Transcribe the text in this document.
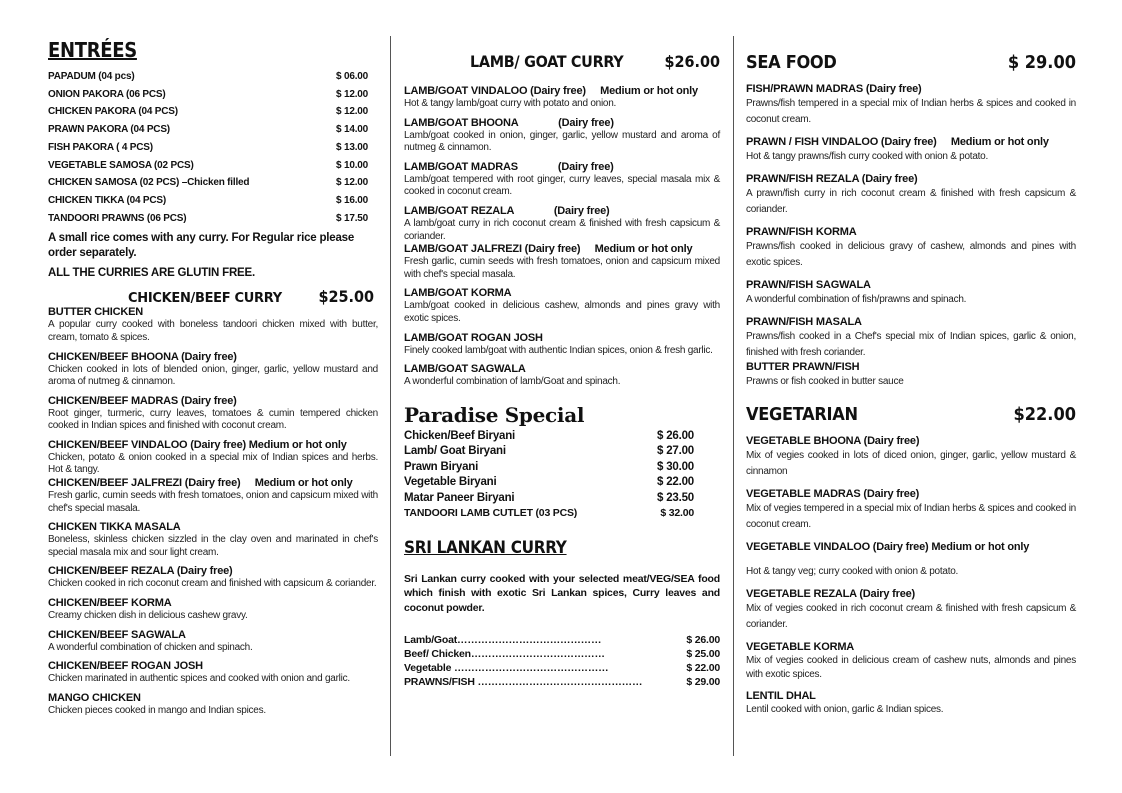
ENTRÉES
PAPADUM (04 pcs)	$ 06.00
ONION PAKORA (06 PCS)	$ 12.00
CHICKEN PAKORA (04 PCS)	$ 12.00
PRAWN PAKORA (04 PCS)	$ 14.00
FISH PAKORA ( 4 PCS)	$ 13.00
VEGETABLE SAMOSA (02 PCS)	$ 10.00
CHICKEN SAMOSA (02 PCS) –Chicken filled	$ 12.00
CHICKEN TIKKA (04 PCS)	$ 16.00
TANDOORI PRAWNS (06 PCS)	$ 17.50
A small rice comes with any curry. For Regular rice please order separately.
ALL THE CURRIES ARE GLUTIN FREE.
CHICKEN/BEEF CURRY $25.00
BUTTER CHICKEN
A popular curry cooked with boneless tandoori chicken mixed with butter, cream, tomato & spices.
CHICKEN/BEEF BHOONA (Dairy free)
Chicken cooked in lots of blended onion, ginger, garlic, yellow mustard and aroma of nutmeg & cinnamon.
CHICKEN/BEEF MADRAS (Dairy free)
Root ginger, turmeric, curry leaves, tomatoes & cumin tempered chicken cooked in Indian spices and finished with coconut cream.
CHICKEN/BEEF VINDALOO (Dairy free) Medium or hot only
Chicken, potato & onion cooked in a special mix of Indian spices and herbs. Hot & tangy.
CHICKEN/BEEF JALFREZI (Dairy free)     Medium or hot only
Fresh garlic, cumin seeds with fresh tomatoes, onion and capsicum mixed with chef's special masala.
CHICKEN TIKKA MASALA
Boneless, skinless chicken sizzled in the clay oven and marinated in chef's special masala mix and sour light cream.
CHICKEN/BEEF REZALA (Dairy free)
Chicken cooked in rich coconut cream and finished with capsicum & coriander.
CHICKEN/BEEF KORMA
Creamy chicken dish in delicious cashew gravy.
CHICKEN/BEEF SAGWALA
A wonderful combination of chicken and spinach.
CHICKEN/BEEF ROGAN JOSH
Chicken marinated in authentic spices and cooked with onion and garlic.
MANGO CHICKEN
Chicken pieces cooked in mango and Indian spices.
LAMB/ GOAT CURRY	$26.00
LAMB/GOAT VINDALOO (Dairy free)     Medium or hot only
Hot & tangy lamb/goat curry with potato and onion.
LAMB/GOAT BHOONA              (Dairy free)
Lamb/goat cooked in onion, ginger, garlic, yellow mustard and aroma of nutmeg & cinnamon.
LAMB/GOAT MADRAS              (Dairy free)
Lamb/goat tempered with root ginger, curry leaves, special masala mix & cooked in coconut cream.
LAMB/GOAT REZALA              (Dairy free)
A lamb/goat curry in rich coconut cream & finished with fresh capsicum & coriander.
LAMB/GOAT JALFREZI (Dairy free)     Medium or hot only
Fresh garlic, cumin seeds with fresh tomatoes, onion and capsicum mixed with chef's special masala.
LAMB/GOAT KORMA
Lamb/goat cooked in delicious cashew, almonds and pines gravy with exotic spices.
LAMB/GOAT ROGAN JOSH
Finely cooked lamb/goat with authentic Indian spices, onion & fresh garlic.
LAMB/GOAT SAGWALA
A wonderful combination of lamb/Goat and spinach.
Paradise Special
Chicken/Beef Biryani	$ 26.00
Lamb/ Goat Biryani	$ 27.00
Prawn Biryani	$ 30.00
Vegetable Biryani	$ 22.00
Matar Paneer Biryani	$ 23.50
TANDOORI LAMB CUTLET (03 PCS)	$ 32.00
SRI LANKAN CURRY
Sri Lankan curry cooked with your selected meat/VEG/SEA food which finish with exotic Sri Lankan spices, Curry leaves and coconut powder.
Lamb/Goat……………………………………	$ 26.00
Beef/ Chicken…………………………………	$ 25.00
Vegetable ………………………………………	$ 22.00
PRAWNS/FISH …………………………………………	$ 29.00
SEA FOOD	$ 29.00
FISH/PRAWN MADRAS (Dairy free)
Prawns/fish tempered in a special mix of Indian herbs & spices and cooked in coconut cream.
PRAWN / FISH VINDALOO (Dairy free)     Medium or hot only
Hot & tangy prawns/fish curry cooked with onion & potato.
PRAWN/FISH REZALA (Dairy free)
A prawn/fish curry in rich coconut cream & finished with fresh capsicum & coriander.
PRAWN/FISH KORMA
Prawns/fish cooked in delicious gravy of cashew, almonds and pines with exotic spices.
PRAWN/FISH SAGWALA
A wonderful combination of fish/prawns and spinach.
PRAWN/FISH MASALA
Prawns/fish cooked in a Chef's special mix of Indian spices, garlic & onion, finished with fresh coriander.
BUTTER PRAWN/FISH
Prawns or fish cooked in butter sauce
VEGETARIAN	$22.00
VEGETABLE BHOONA (Dairy free)
Mix of vegies cooked in lots of diced onion, ginger, garlic, yellow mustard & cinnamon
VEGETABLE MADRAS (Dairy free)
Mix of vegies tempered in a special mix of Indian herbs & spices and cooked in coconut cream.
VEGETABLE VINDALOO (Dairy free) Medium or hot only
Hot & tangy veg; curry cooked with onion & potato.
VEGETABLE REZALA (Dairy free)
Mix of vegies cooked in rich coconut cream & finished with fresh capsicum & coriander.
VEGETABLE KORMA
Mix of vegies cooked in delicious cream of cashew nuts, almonds and pines with exotic spices.
LENTIL DHAL
Lentil cooked with onion, garlic & Indian spices.
